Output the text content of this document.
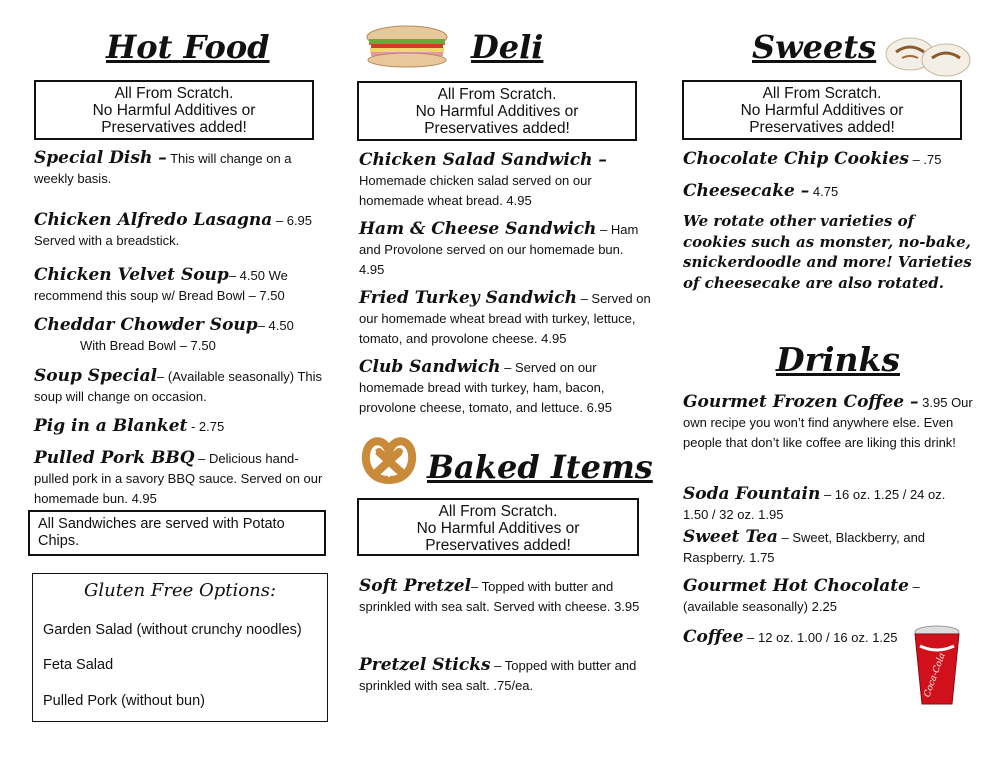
Hot Food
All From Scratch.
No Harmful Additives or
Preservatives added!
Special Dish – This will change on a weekly basis.
Chicken Alfredo Lasagna – 6.95 Served with a breadstick.
Chicken Velvet Soup– 4.50 We recommend this soup w/ Bread Bowl – 7.50
Cheddar Chowder Soup– 4.50
With Bread Bowl – 7.50
Soup Special– (Available seasonally) This soup will change on occasion.
Pig in a Blanket - 2.75
Pulled Pork BBQ – Delicious hand-pulled pork in a savory BBQ sauce. Served on our homemade bun. 4.95
All Sandwiches are served with Potato Chips.
Gluten Free Options:
Garden Salad (without crunchy noodles)
Feta Salad
Pulled Pork (without bun)
Deli
All From Scratch.
No Harmful Additives or
Preservatives added!
Chicken Salad Sandwich – Homemade chicken salad served on our homemade wheat bread. 4.95
Ham & Cheese Sandwich – Ham and Provolone served on our homemade bun. 4.95
Fried Turkey Sandwich – Served on our homemade wheat bread with turkey, lettuce, tomato, and provolone cheese. 4.95
Club Sandwich – Served on our homemade bread with turkey, ham, bacon, provolone cheese, tomato, and lettuce. 6.95
Baked Items
All From Scratch.
No Harmful Additives or
Preservatives added!
Soft Pretzel– Topped with butter and sprinkled with sea salt. Served with cheese. 3.95
Pretzel Sticks – Topped with butter and sprinkled with sea salt. .75/ea.
Sweets
All From Scratch.
No Harmful Additives or
Preservatives added!
Chocolate Chip Cookies – .75
Cheesecake – 4.75
We rotate other varieties of cookies such as monster, no-bake, snickerdoodle and more! Varieties of cheesecake are also rotated.
Drinks
Gourmet Frozen Coffee – 3.95 Our own recipe you won’t find anywhere else. Even people that don’t like coffee are liking this drink!
Soda Fountain – 16 oz. 1.25 / 24 oz. 1.50 / 32 oz. 1.95
Sweet Tea – Sweet, Blackberry, and Raspberry. 1.75
Gourmet Hot Chocolate – (available seasonally) 2.25
Coffee – 12 oz. 1.00 / 16 oz. 1.25
Coca-Cola
